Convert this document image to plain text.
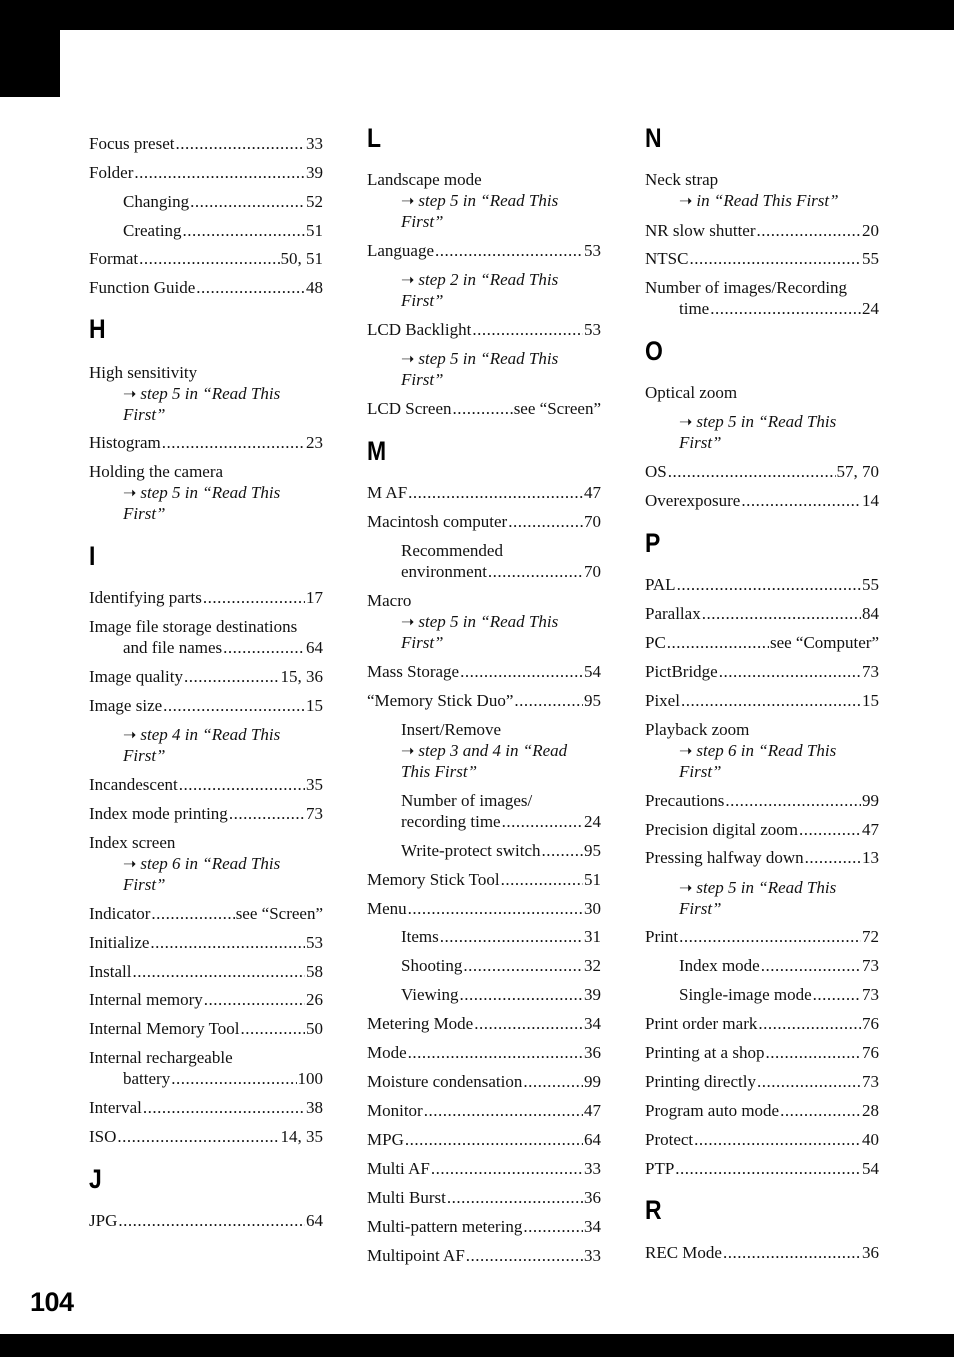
Focus preset .....	33
Folder .....	39
Changing .....	52
Creating .....	51
Format .....	50, 51
Function Guide .....	48
H
High sensitivity
➝ step 5 in “Read This
First”
Histogram .....	23
Holding the camera
➝ step 5 in “Read This
First”
I
Identifying parts .....	17
Image file storage destinations
and file names .....	64
Image quality .....	15, 36
Image size .....	15
➝ step 4 in “Read This
First”
Incandescent .....	35
Index mode printing .....	73
Index screen
➝ step 6 in “Read This
First”
Indicator .....	see “Screen”
Initialize .....	53
Install .....	58
Internal memory .....	26
Internal Memory Tool .....	50
Internal rechargeable
battery .....	100
Interval .....	38
ISO .....	14, 35
J
JPG .....	64
L
Landscape mode
➝ step 5 in “Read This
First”
Language .....	53
➝ step 2 in “Read This
First”
LCD Backlight .....	53
➝ step 5 in “Read This
First”
LCD Screen .....	see “Screen”
M
M AF .....	47
Macintosh computer .....	70
Recommended
environment .....	70
Macro
➝ step 5 in “Read This
First”
Mass Storage .....	54
“Memory Stick Duo” .....	95
Insert/Remove
➝ step 3 and 4 in “Read
This First”
Number of images/
recording time .....	24
Write-protect switch .....	95
Memory Stick Tool .....	51
Menu .....	30
Items .....	31
Shooting .....	32
Viewing .....	39
Metering Mode .....	34
Mode .....	36
Moisture condensation .....	99
Monitor .....	47
MPG .....	64
Multi AF .....	33
Multi Burst .....	36
Multi-pattern metering .....	34
Multipoint AF .....	33
N
Neck strap
➝ in “Read This First”
NR slow shutter .....	20
NTSC .....	55
Number of images/Recording
time .....	24
O
Optical zoom
➝ step 5 in “Read This
First”
OS .....	57, 70
Overexposure .....	14
P
PAL .....	55
Parallax .....	84
PC .....	see “Computer”
PictBridge .....	73
Pixel .....	15
Playback zoom
➝ step 6 in “Read This
First”
Precautions .....	99
Precision digital zoom .....	47
Pressing halfway down .....	13
➝ step 5 in “Read This
First”
Print .....	72
Index mode .....	73
Single-image mode .....	73
Print order mark .....	76
Printing at a shop .....	76
Printing directly .....	73
Program auto mode .....	28
Protect .....	40
PTP .....	54
R
REC Mode .....	36
104
